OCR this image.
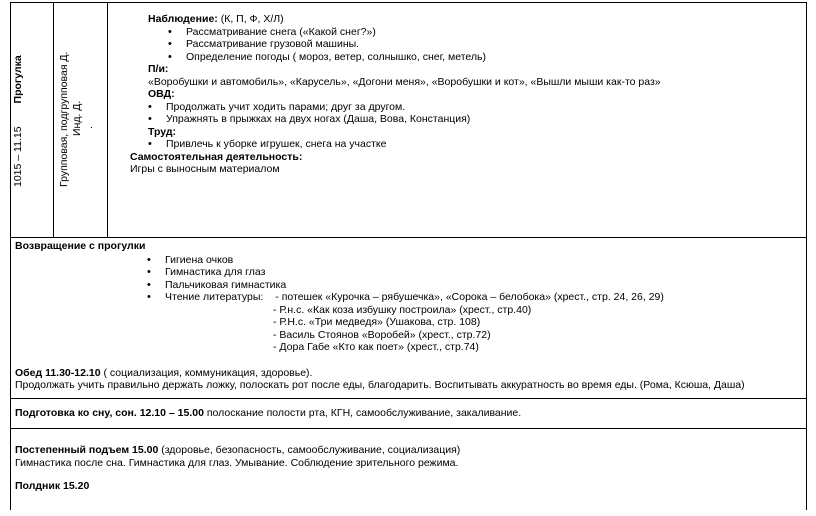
1015 – 11.15Прогулка	Групповая, подгрупповая Д. Инд. Д. .
Наблюдение: (К, П, Ф, Х/Л)
• Рассматривание снега («Какой снег?»)
• Рассматривание грузовой машины.
• Определение погоды ( мороз, ветер, солнышко, снег, метель)
П/и:
«Воробушки и автомобиль», «Карусель», «Догони меня», «Воробушки и кот», «Вышли мыши как-то раз»
ОВД:
• Продолжать учит ходить парами; друг за другом.
• Упражнять в прыжках на двух ногах (Даша, Вова, Констанция)
Труд:
• Привлечь к уборке игрушек, снега на участке
Самостоятельная деятельность:
Игры с выносным материалом
Возвращение с прогулки
• Гигиена очков
• Гимнастика для глаз
• Пальчиковая гимнастика
• Чтение литературы: - потешек «Курочка – рябушечка», «Сорока – белобока» (хрест., стр. 24, 26, 29)
- Р.н.с. «Как коза избушку построила» (хрест., стр.40)
- Р.Н.с. «Три медведя» (Ушакова, стр. 108)
- Василь Стоянов «Воробей» (хрест., стр.72)
- Дора Габе «Кто как поет» (хрест., стр.74)
Обед 11.30-12.10 ( социализация, коммуникация, здоровье).
Продолжать учить правильно держать ложку, полоскать рот после еды, благодарить. Воспитывать аккуратность во время еды. (Рома, Ксюша, Даша)
Подготовка ко сну, сон. 12.10 – 15.00 полоскание полости рта, КГН, самообслуживание, закаливание.
Постепенный подъем 15.00 (здоровье, безопасность, самообслуживание, социализация)
Гимнастика после сна. Гимнастика для глаз. Умывание. Соблюдение зрительного режима.
Полдник 15.20
